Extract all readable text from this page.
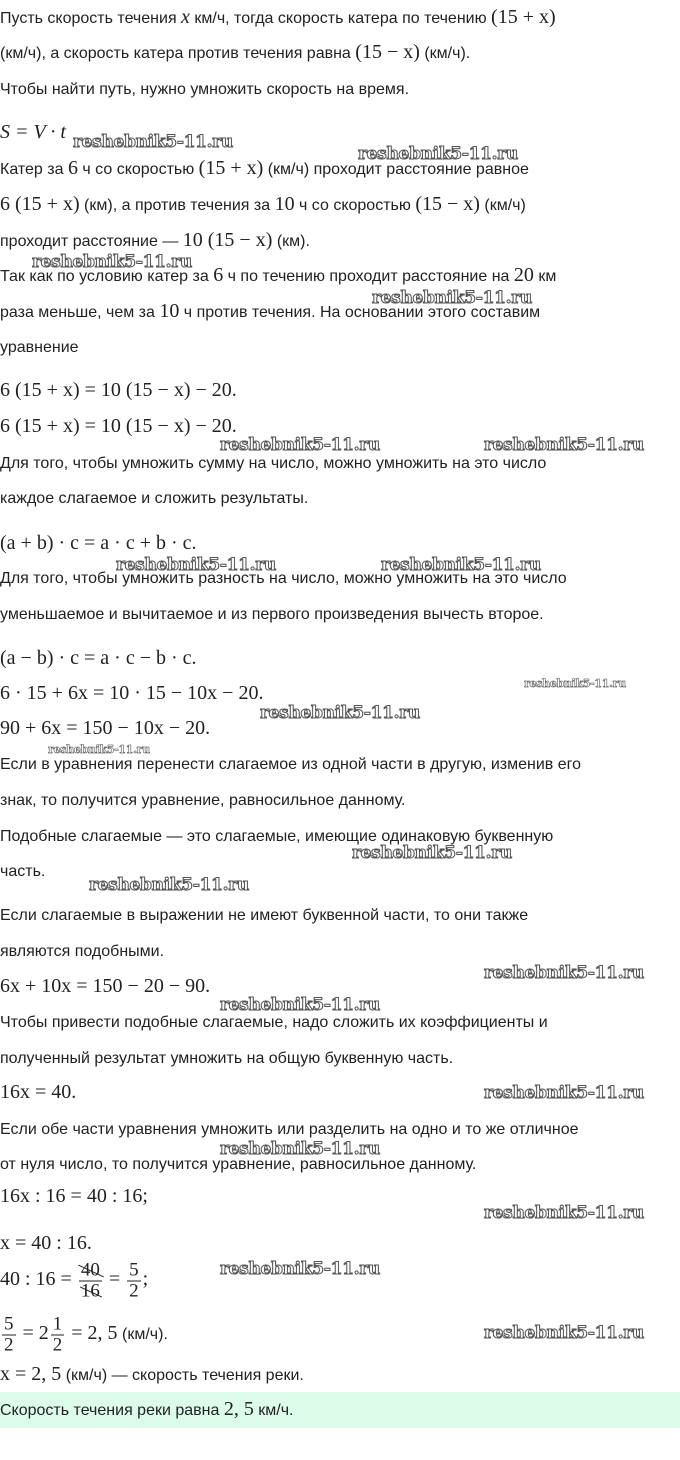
Скорость течения реки равна 2, 5 км/ч.
Пусть скорость течения x км/ч, тогда скорость катера по течению (15 + x)
(км/ч), а скорость катера против течения равна (15 − x) (км/ч).
Чтобы найти путь, нужно умножить скорость на время.
S = V · t
Катер за 6 ч со скоростью (15 + x) (км/ч) проходит расстояние равное
6 (15 + x) (км), а против течения за 10 ч со скоростью (15 − x) (км/ч)
проходит расстояние — 10 (15 − x) (км).
Так как по условию катер за 6 ч по течению проходит расстояние на 20 км
раза меньше, чем за 10 ч против течения. На основании этого составим
уравнение
6 (15 + x) = 10 (15 − x) − 20.
6 (15 + x) = 10 (15 − x) − 20.
Для того, чтобы умножить сумму на число, можно умножить на это число
каждое слагаемое и сложить результаты.
(a + b) · c = a · c + b · c.
Для того, чтобы умножить разность на число, можно умножить на это число
уменьшаемое и вычитаемое и из первого произведения вычесть второе.
(a − b) · c = a · c − b · c.
6 · 15 + 6x = 10 · 15 − 10x − 20.
90 + 6x = 150 − 10x − 20.
Если в уравнения перенести слагаемое из одной части в другую, изменив его
знак, то получится уравнение, равносильное данному.
Подобные слагаемые — это слагаемые, имеющие одинаковую буквенную
часть.
Если слагаемые в выражении не имеют буквенной части, то они также
являются подобными.
6x + 10x = 150 − 20 − 90.
Чтобы привести подобные слагаемые, надо сложить их коэффициенты и
полученный результат умножить на общую буквенную часть.
16x = 40.
Если обе части уравнения умножить или разделить на одно и то же отличное
от нуля число, то получится уравнение, равносильное данному.
16x : 16 = 40 : 16;
x = 40 : 16.
40 : $16 = \frac{40}{16} = \frac{5}{2}$ ;
$\frac{5}{2} = 2 \frac{1}{2} = 2$, 5 (км/ч).
x = 2, 5 (км/ч) — скорость течения реки.
reshebnik5-11.ru
reshebnik5-11.ru
reshebnik5-11.ru
reshebnik5-11.ru
reshebnik5-11.ru	reshebnik5-11.ru
reshebnik5-11.ru	reshebnik5-11.ru
reshebnik5-11.ru
reshebnik5-11.ru
reshebnik5-11.ru
reshebnik5-11.ru
reshebnik5-11.ru
reshebnik5-11.ru
reshebnik5-11.ru
reshebnik5-11.ru
reshebnik5-11.ru
reshebnik5-11.ru
reshebnik5-11.ru
reshebnik5-11.ru
